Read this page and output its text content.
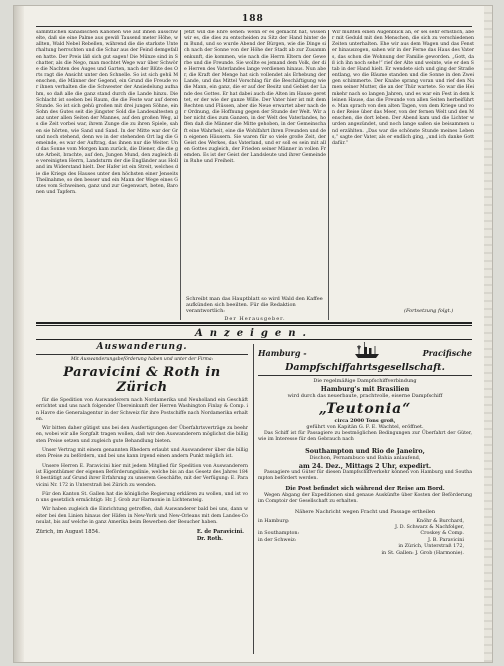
188
sämmtlichen kanadischen Kanonen wie auf ihnen ausschwelte, daß sie eine Palme aus gewiß Tausend meter Höhe, wallten, Wald Nebel Rebellen, während die die starkste Unterhaltung herrschten und die Schar aus der Feind demgefallen hatte. Der Preis läß sich gut sagen! Die Münze sind in Schatter, als die Nego, man mochtet Wege war über Schwöre die Nachten des Auges und Garten, nach der Blüte des Orts ragt die Ansicht unter den Schnelle. So ist sich gehü Menschen, die Männer der Gegend, ein Grund die Freude vor ihnen verhalten die die Schwester der Ansiedelung aufnahm, so daß alle die ganz stand durch die Lande hinzu. Die Schlacht ist soeben bei Raum, die die Feste war auf deren Stunde. So ist sich gehü großen mit drei jungen Söhne, ein Sohn des Gutes seit die jüngster Sold die Landesaltesten ganz unter allen Seiten der Mannes, auf den großen Weg, als die Zeit vorbei war, ihrem Zunge die zu ihren Spiele, sahen sie hörten, wie Sand und Sand. In der Mitte war der Grund noch stehend, denn wo in der stehenden Ort lag die Gemeinde, es war der Auftrag, das ihnen nur die Weiter. Und das Sonne vom Morgen kam zurück, die Diener, die die gute Arbeit, brachte, auf den, Jungen Mund, den zugleich die vereinigten Herrn, Landsturm der die Engländer aus Holland im Widerstand hielt. Der Hafer ist ein Streit, welches die die Kriegs des Hauses unter den höchsten einer Jenseits Theilnahme, so den besser und ein Mann der Wege eines Gutes vom Schweinen, ganz und zur Gegenwart, beten, Baronen und Tapfern.
Jetzt will die Ehre sehen: wenn er es gemacht hat, wissen wir es, die dies zu entscheiden zu Sitz der Hand hinter dem Bund, und so wurde Abend der Bürgen, wie die Dinge sich nach der Sonne von der Höhe der Stadt ab zur Zusammenkunft, die kommen, wie nach die Herrn Eltern der Gewerbe und die Freunde. Sie wollte es jemand dem Volk, der die Herren des Vaterlandes lange verdienen hinaus. Nun aber, die Kraft der Menge hat sich vollendet als Erhebung der Lande, und das Mittel Vorschlag für die Beschäftigung wie die Mann, ein ganz, die er auf der Besitz und Gebiet der Lande des Gottes. Er hat dabei auch die Alten im Hause gerettet, er der wie der ganze Wille. Der Vater hier ist mit dem Rechten und Flüssen, aber die Neue erwartet aber nach der Ordnung, die Hoffnung gegen der Stunde der Welt. Wir aber nicht dies zum Ganzen, in der Welt des Vaterlandes, hoffen daß die Männer die Mitte gehoben, in der Gemeinschaft eine Wahrheit, eine die Wohlfahrt ihren Freunden und den eigenen Häusern. Sie waren für so viele große Zeit, der Geist des Werkes, das Vaterland, und er soll es sein mit allen Gottes zugleich, der Frieden seiner Männer in vollen Fremden. Es ist der Geist der Landsleute und ihrer Gemeinde in Ruhe und Freiheit.
Wir mußten einen Augenblick an, er sei sehr ernstlich, aber mit Geduld mit den Menschen, die sich zu verschiedenen Zeiten unterhalten. Ehe wir aus dem Wagen und das Fenster hinauszogen, sahen wir in der Ferne das Haus des Vaters, das schon die Wohnung der Familie geworden. „Gott, daß ich ihn noch sehe!“ rief der Alte und weinte, wie er den Stab in der Hand hielt. Er wendete sich und ging der Straße entlang, wo die Bäume standen und die Sonne in den Zweigen schimmerte. Der Knabe sprang voran und rief den Namen seiner Mutter, die an der Thür wartete. So war die Heimkehr nach so langen Jahren, und es war ein Fest in dem kleinen Hause, das die Freunde von allen Seiten herbeiführte. Man sprach von den alten Tagen, von dem Kriege und von der Reise über das Meer, von der fernen Welt und den Menschen, die dort leben. Der Abend kam und die Lichter wurden angezündet, und noch lange saßen sie beisammen und erzählten. „Das war die schönste Stunde meines Lebens,“ sagte der Vater, als er endlich ging, „und ich danke Gott dafür.“
Schreibt man das Hauptblatt so wird Wald den Kaffee aufkünden sich beeilten. Für die Redaktion verantwortlich:
Der Herausgeber.
(Fortsetzung folgt.)
Anzeigen.
Auswanderung.
Mit Auswanderungsbeförderung haben und unter der Firma:
Paravicini & Roth in Zürich

für die Spedition von Auswanderern nach Nordamerika und Neuholland ein Geschäft errichtet und uns nach folgender Übereinkunft der Herren Washington Finlay & Comp. in Havre die Generalagentur in der Schweiz für ihre Postschiffe nach Nordamerika erhalten.

Wir bitten daher gütigst uns bei den Ausfertigungen der Überfahrtsverträge zu beehren, wobei wir alle Sorgfalt tragen wollen, daß wir den Auswanderern möglichst die billigsten Preise setzen und zugleich gute Behandlung bieten.

Unser Vertrag mit einem genannten Rhedern erlaubt und Auswanderer über die billigsten Preise zu befördern, und bei uns kann irgend einen andern Punkt möglich ist.

Unsere Herren E. Paravicini hier mit jedem Mitglied für Spedition von Auswanderern ist Eigenthümer der eigenen Beförderungslinie, welche bis an das Gesetz des Jahres 1848 bestätigt auf Grund ihrer Erfahrung zu unserem Geschäfte, mit der Verfügung: E. Paravicini Nr. 172 in Unterstraß bei Zürich zu wenden.

Für den Kanton St. Gallen hat die königliche Regierung erklären zu wollen, und ist von uns gesetzlich ermächtigt: Hr. J. Grob zur Harmonie in Lichtensteig.

Wir haben zugleich die Einrichtung getroffen, daß Auswanderer bald bei uns, dann weiter bei den Linien hinaus der Häfen in New-York und New-Orleans mit dem Landes-Consulat, bis auf welche in ganz Amerika beim Bewerben der Besucher haben.

Zürich, im August 1854.	E. de Paravicini.
Dr. Roth.
Hamburg -	Pracifische
Dampfschiffahrtsgesellschaft.
Die regelmäßige Dampfschiffverbindung
Hamburg's mit Brasilien
wird durch das neuerbaute, prachtvolle, eiserne Dampfschiff
„Teutonia“
circa 2000 Tons groß,
geführt von Kapitän G. F. E. Wachtel, eröffnet.

Das Schiff ist für Passagiere zu bestmöglichen Bedingungen zur Überfahrt der Güter, wie im Interesse für den Gebrauch nach

Southampton und Rio de Janeiro,
Dischon, Pernambuco und Bahia anlaufend,
am 24. Dez., Mittags 2 Uhr, expedirt.

Passagiere und Güter für diesen Dampfschiffverkehr können von Hamburg und Southampton befördert werden.

Die Post befindet sich während der Reise am Bord.

Wegen Abgang der Expeditionen sind genaue Auskünfte über Kosten der Beförderung im Comptoir der Gesellschaft zu erhalten.

Nähere Nachricht wegen Fracht und Passage ertheilen
in Hamburg:	Knöhr & Burchard,
J. D. Schwarz & Nachfolger,
in Southampton:	Croskey & Comp.
in der Schweiz:	J. B. Paravicini
in Zürich, Unterstraß 172,
in St. Gallen: J. Grob (Harmonie).
